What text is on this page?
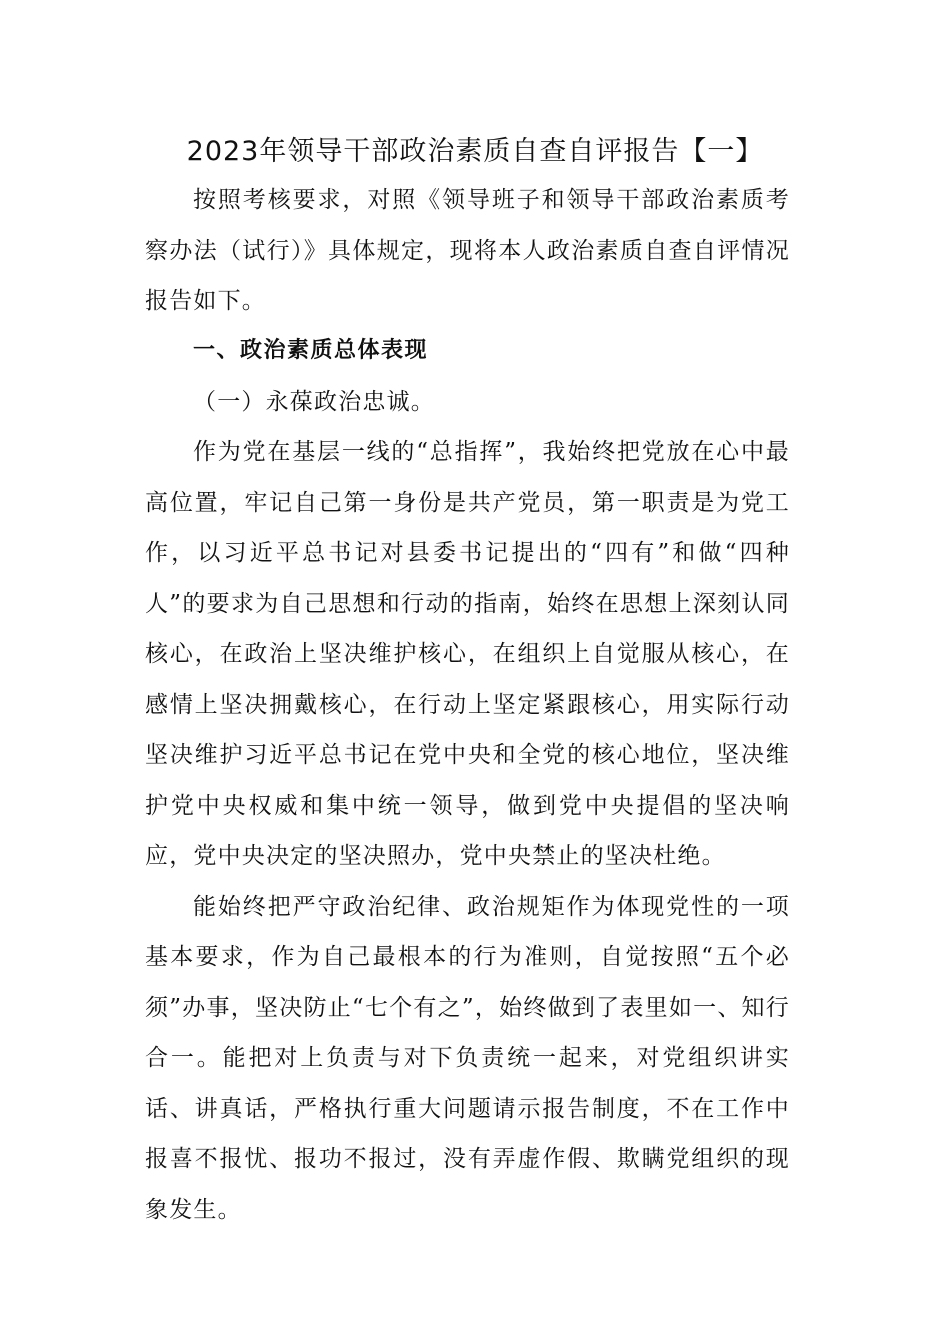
2023年领导干部政治素质自查自评报告【一】

按照考核要求，对照《领导班子和领导干部政治素质考察办法（试行）》具体规定，现将本人政治素质自查自评情况报告如下。

一、政治素质总体表现

（一）永葆政治忠诚。

作为党在基层一线的“总指挥”，我始终把党放在心中最高位置，牢记自己第一身份是共产党员，第一职责是为党工作，以习近平总书记对县委书记提出的“四有”和做“四种人”的要求为自己思想和行动的指南，始终在思想上深刻认同核心，在政治上坚决维护核心，在组织上自觉服从核心，在感情上坚决拥戴核心，在行动上坚定紧跟核心，用实际行动坚决维护习近平总书记在党中央和全党的核心地位，坚决维护党中央权威和集中统一领导，做到党中央提倡的坚决响应，党中央决定的坚决照办，党中央禁止的坚决杜绝。

能始终把严守政治纪律、政治规矩作为体现党性的一项基本要求，作为自己最根本的行为准则，自觉按照“五个必须”办事，坚决防止“七个有之”，始终做到了表里如一、知行合一。能把对上负责与对下负责统一起来，对党组织讲实话、讲真话，严格执行重大问题请示报告制度，不在工作中报喜不报忧、报功不报过，没有弄虚作假、欺瞒党组织的现象发生。
